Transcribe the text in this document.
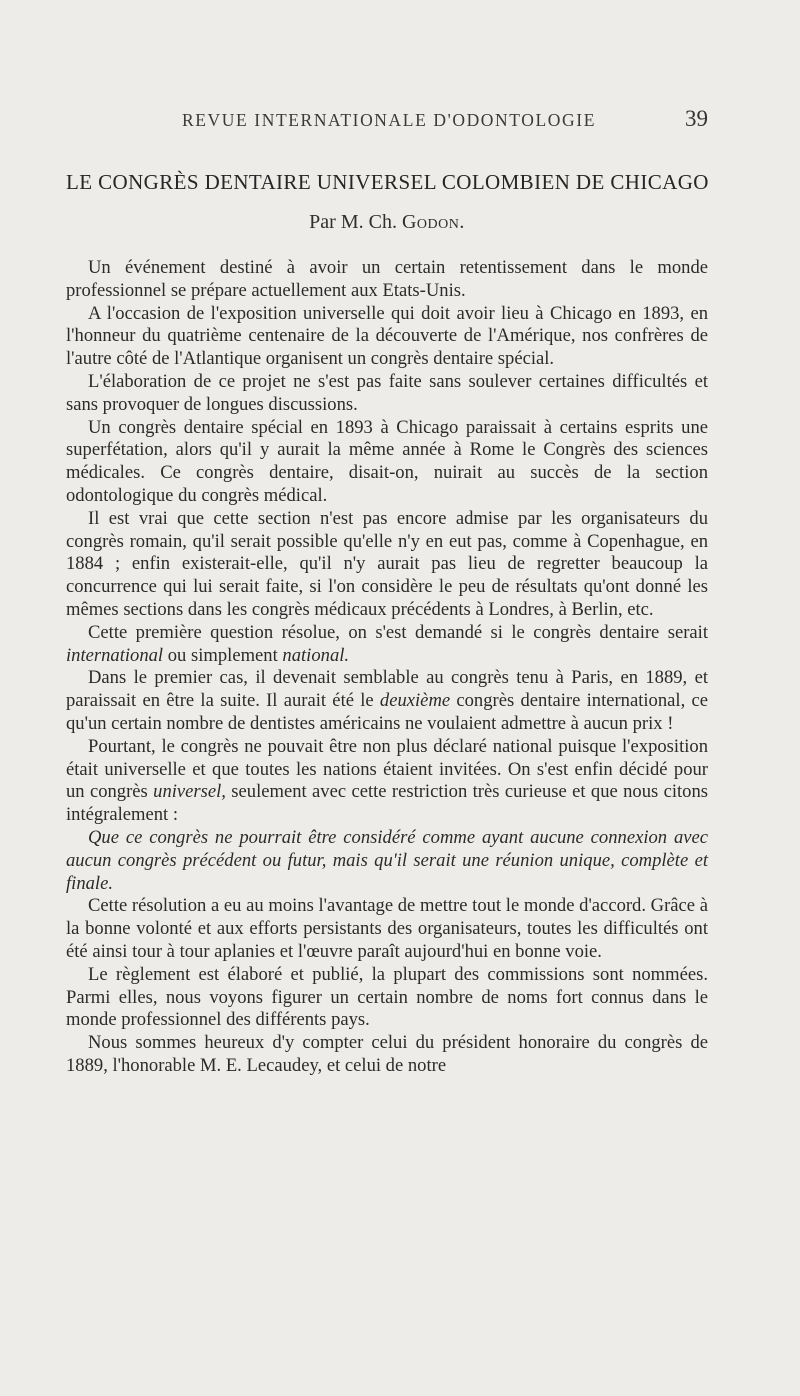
REVUE INTERNATIONALE D'ODONTOLOGIE	39
LE CONGRÈS DENTAIRE UNIVERSEL COLOMBIEN DE CHICAGO
Par M. Ch. Godon.

Un événement destiné à avoir un certain retentissement dans le monde professionnel se prépare actuellement aux Etats-Unis.

A l'occasion de l'exposition universelle qui doit avoir lieu à Chicago en 1893, en l'honneur du quatrième centenaire de la découverte de l'Amérique, nos confrères de l'autre côté de l'Atlantique organisent un congrès dentaire spécial.

L'élaboration de ce projet ne s'est pas faite sans soulever certaines difficultés et sans provoquer de longues discussions.

Un congrès dentaire spécial en 1893 à Chicago paraissait à certains esprits une superfétation, alors qu'il y aurait la même année à Rome le Congrès des sciences médicales. Ce congrès dentaire, disait-on, nuirait au succès de la section odontologique du congrès médical.

Il est vrai que cette section n'est pas encore admise par les organisateurs du congrès romain, qu'il serait possible qu'elle n'y en eut pas, comme à Copenhague, en 1884 ; enfin existerait-elle, qu'il n'y aurait pas lieu de regretter beaucoup la concurrence qui lui serait faite, si l'on considère le peu de résultats qu'ont donné les mêmes sections dans les congrès médicaux précédents à Londres, à Berlin, etc.

Cette première question résolue, on s'est demandé si le congrès dentaire serait international ou simplement national.

Dans le premier cas, il devenait semblable au congrès tenu à Paris, en 1889, et paraissait en être la suite. Il aurait été le deuxième congrès dentaire international, ce qu'un certain nombre de dentistes américains ne voulaient admettre à aucun prix !

Pourtant, le congrès ne pouvait être non plus déclaré national puisque l'exposition était universelle et que toutes les nations étaient invitées. On s'est enfin décidé pour un congrès universel, seulement avec cette restriction très curieuse et que nous citons intégralement :

Que ce congrès ne pourrait être considéré comme ayant aucune connexion avec aucun congrès précédent ou futur, mais qu'il serait une réunion unique, complète et finale.

Cette résolution a eu au moins l'avantage de mettre tout le monde d'accord. Grâce à la bonne volonté et aux efforts persistants des organisateurs, toutes les difficultés ont été ainsi tour à tour aplanies et l'œuvre paraît aujourd'hui en bonne voie.

Le règlement est élaboré et publié, la plupart des commissions sont nommées. Parmi elles, nous voyons figurer un certain nombre de noms fort connus dans le monde professionnel des différents pays.

Nous sommes heureux d'y compter celui du président honoraire du congrès de 1889, l'honorable M. E. Lecaudey, et celui de notre
